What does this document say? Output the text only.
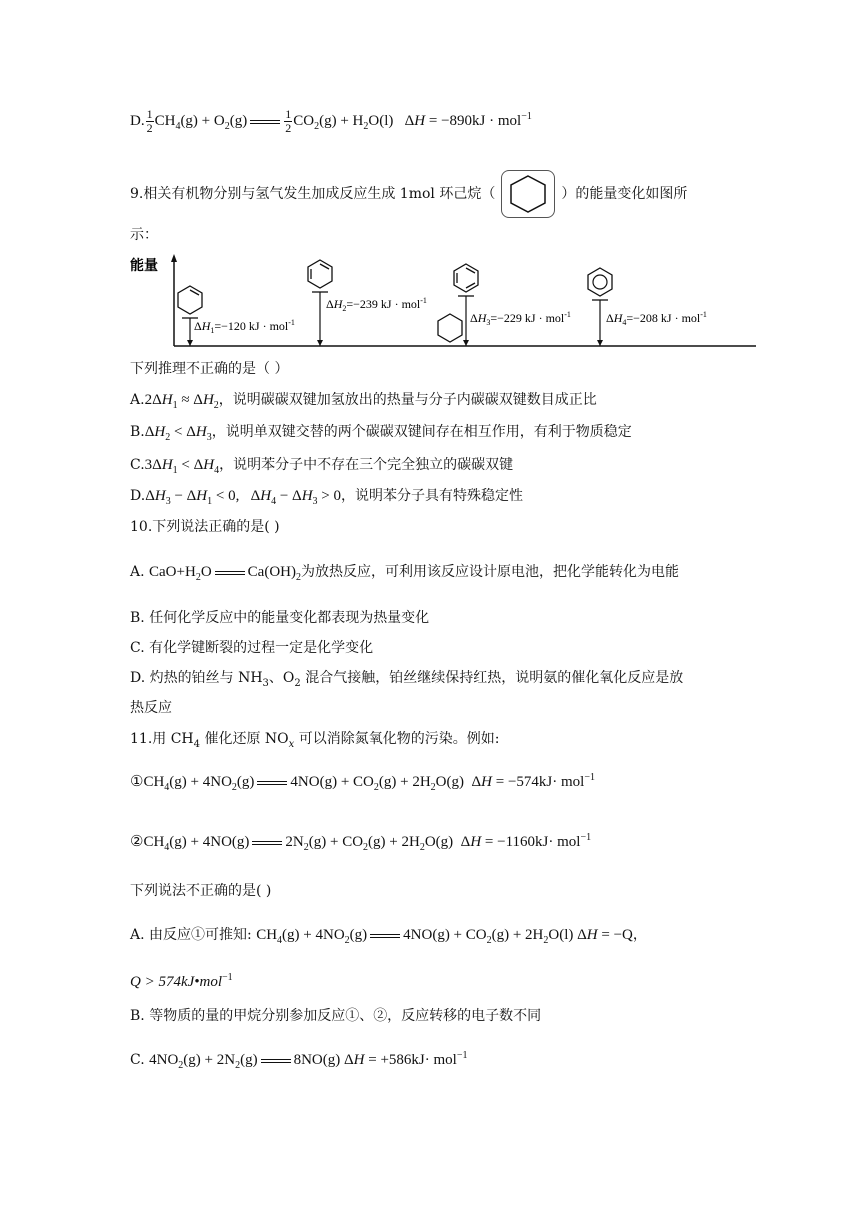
D. $\frac{1}{2} CH_4(g) + O_2(g)$	$\frac{1}{2} CO_2(g) + H_2O(l) \Delta H = -890kJ \cdot mol^{-1}$
9.相关有机物分别与氢气发生加成反应生成 1mol 环己烷（	）的能量变化如图所
示：
能量
$\Delta H_1=-120$ kJ · mol$^{-1}$
$\Delta H_2=-239$ kJ · mol$^{-1}$
$\Delta H_3=-229$ kJ · mol$^{-1}$	$\Delta H_4=-208$ kJ · mol$^{-1}$
下列推理不正确的是（ ）
$A.2\Delta H_1 \approx \Delta H_2$，说明碳碳双键加氢放出的热量与分子内碳碳双键数目成正比
$B.\Delta H_2 < \Delta H_3$，说明单双键交替的两个碳碳双键间存在相互作用，有利于物质稳定
$C.3\Delta H_1 < \Delta H_4$，说明苯分子中不存在三个完全独立的碳碳双键
$D.\Delta H_3 - \Delta H_1 < 0$,   $\Delta H_4 - \Delta H_3 > 0$，说明苯分子具有特殊稳定性
10.下列说法正确的是( )
A. $CaO+H_2O$ $Ca(OH)_2$为放热反应，可利用该反应设计原电池，把化学能转化为电能
B. 任何化学反应中的能量变化都表现为热量变化
C. 有化学键断裂的过程一定是化学变化
D. 灼热的铂丝与 $NH_3$、$O_2$ 混合气接触，铂丝继续保持红热，说明氨的催化氧化反应是放
热反应
11.用 $CH_4$ 催化还原 $NO_x$ 可以消除氮氧化物的污染。例如:
$①CH_4(g) + 4NO_2(g) 4NO(g) + CO_2(g) + 2H_2O(g) \Delta H = -574kJ\cdot mol^{-1}$
$②CH_4(g) + 4NO(g) 2N_2(g) + CO_2(g) + 2H_2O(g) \Delta H = -1160kJ\cdot mol^{-1}$
下列说法不正确的是( )
A. 由反应①可推知: $CH_4(g) + 4NO_2(g) 4NO(g) + CO_2(g) + 2H_2O(l) \Delta H = -Q$，
Q > 574kJ•mol$^{-1}$
B. 等物质的量的甲烷分别参加反应①、②，反应转移的电子数不同
C. $4NO_2(g) + 2N_2(g)$ 8NO(g) ΔH = +586kJ· mol$^{-1}$
